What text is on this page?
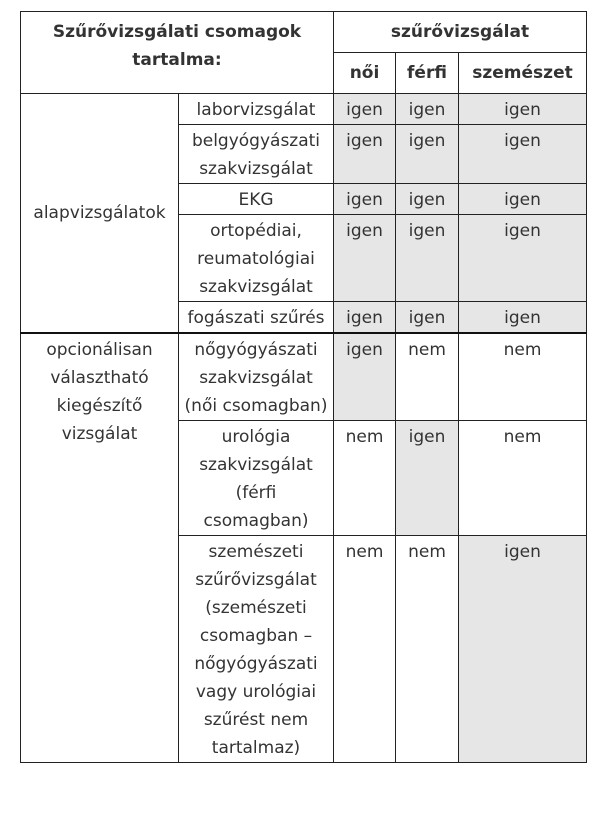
Szűrővizsgálati csomagok tartalma:		szűrővizsgálat		
		női	férfi	szemészet
alapvizsgálatok	laborvizsgálat	igen	igen	igen
	belgyógyászati szakvizsgálat	igen	igen	igen
	EKG	igen	igen	igen
	ortopédiai, reumatológiai szakvizsgálat	igen	igen	igen
	fogászati szűrés	igen	igen	igen
opcionálisan választható kiegészítő vizsgálat	nőgyógyászati szakvizsgálat (női csomagban)	igen	nem	nem
	urológia szakvizsgálat (férfi csomagban)	nem	igen	nem
	szemészeti szűrővizsgálat (szemészeti csomagban – nőgyógyászati vagy urológiai szűrést nem tartalmaz)	nem	nem	igen
